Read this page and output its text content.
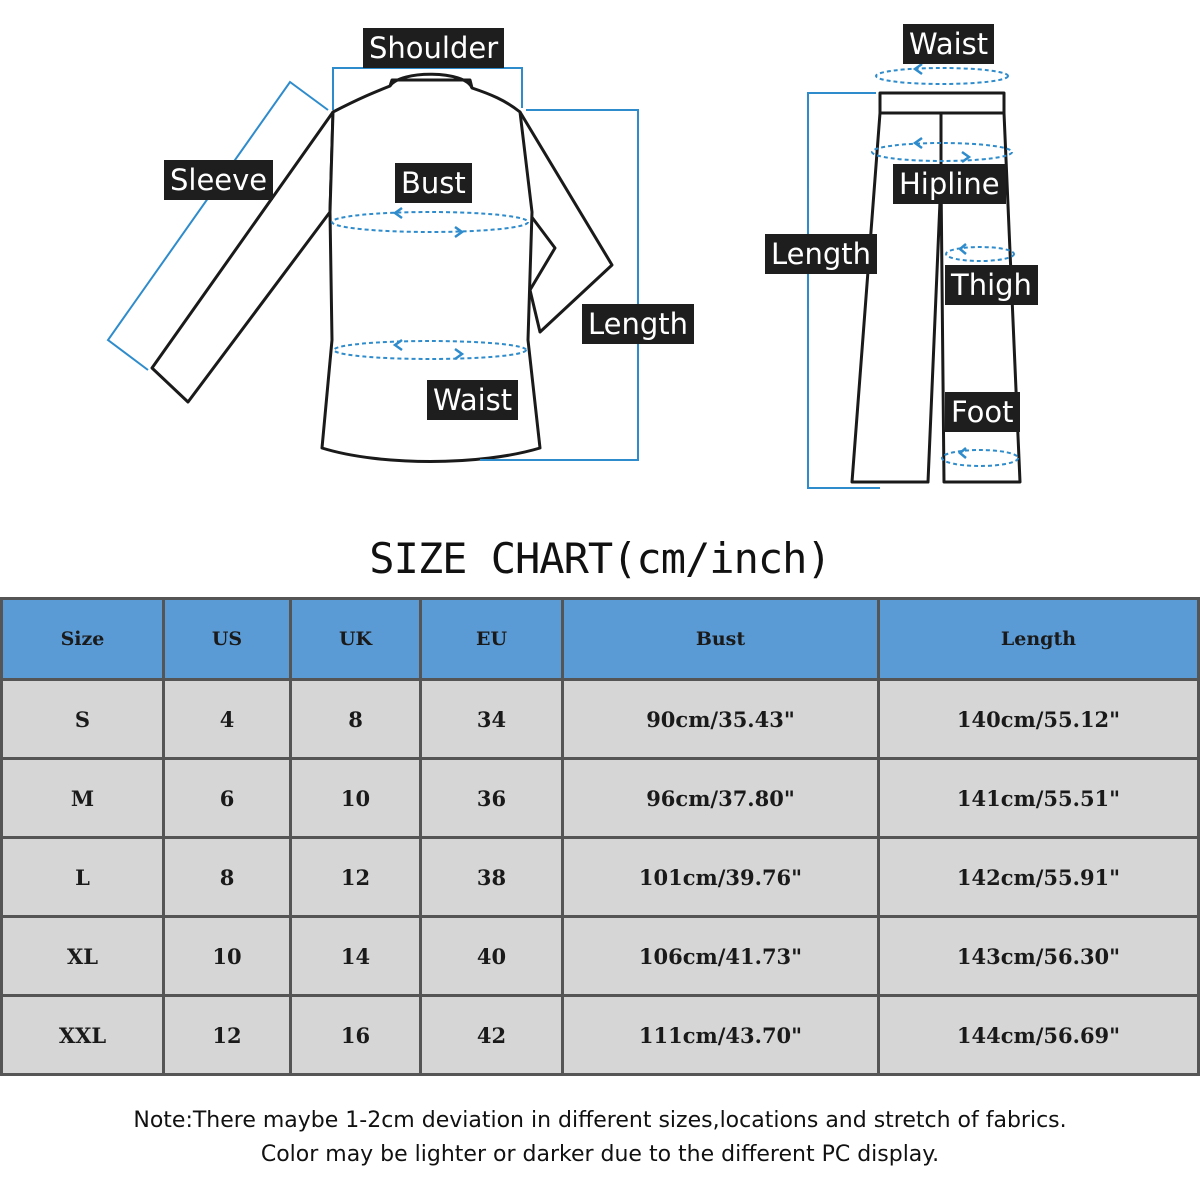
Shoulder
Sleeve	Bust
Length
Waist
Waist
Hipline
Length
Thigh
Foot
SIZE CHART(cm/inch)
Size	US	UK	EU	Bust	Length
S	4	8	34	90cm/35.43"	140cm/55.12"
M	6	10	36	96cm/37.80"	141cm/55.51"
L	8	12	38	101cm/39.76"	142cm/55.91"
XL	10	14	40	106cm/41.73"	143cm/56.30"
XXL	12	16	42	111cm/43.70"	144cm/56.69"
Note:There maybe 1-2cm deviation in different sizes,locations and stretch of fabrics.
Color may be lighter or darker due to the different PC display.
